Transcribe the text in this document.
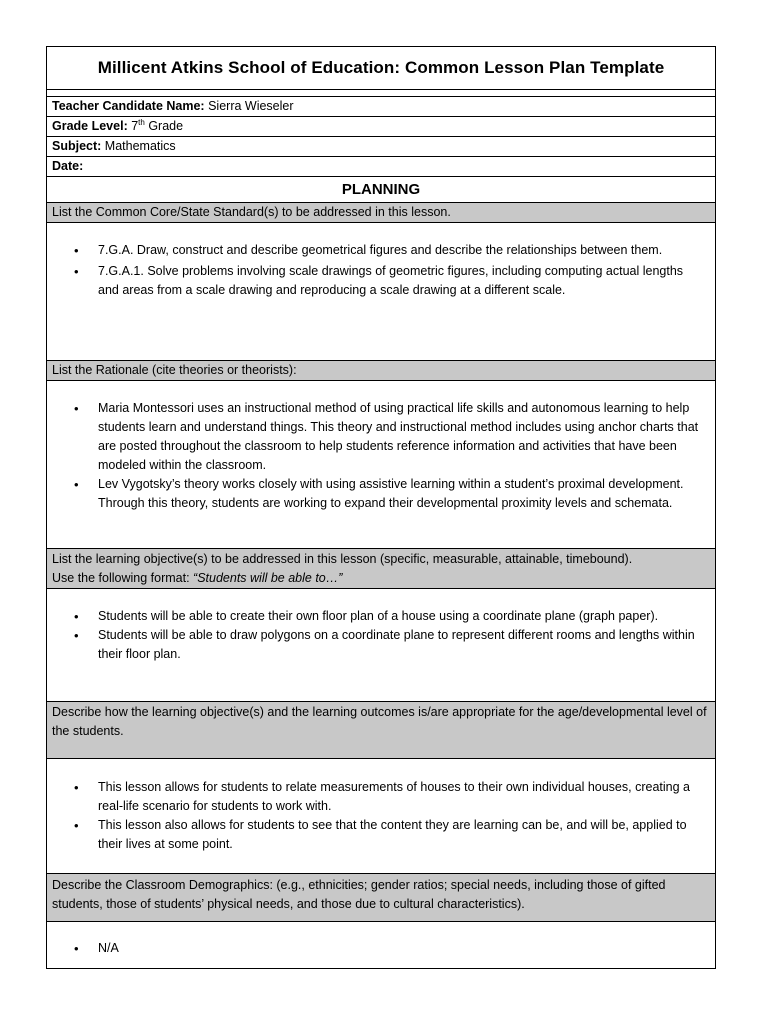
Millicent Atkins School of Education: Common Lesson Plan Template
Teacher Candidate Name: Sierra Wieseler
Grade Level: 7th Grade
Subject: Mathematics
Date:
PLANNING
List the Common Core/State Standard(s) to be addressed in this lesson.
• 7.G.A. Draw, construct and describe geometrical figures and describe the relationships between them.
• 7.G.A.1. Solve problems involving scale drawings of geometric figures, including computing actual lengths and areas from a scale drawing and reproducing a scale drawing at a different scale.
List the Rationale (cite theories or theorists):
• Maria Montessori uses an instructional method of using practical life skills and autonomous learning to help students learn and understand things. This theory and instructional method includes using anchor charts that are posted throughout the classroom to help students reference information and activities that have been modeled within the classroom.
• Lev Vygotsky’s theory works closely with using assistive learning within a student’s proximal development. Through this theory, students are working to expand their developmental proximity levels and schemata.
List the learning objective(s) to be addressed in this lesson (specific, measurable, attainable, timebound).
Use the following format: “Students will be able to…”
• Students will be able to create their own floor plan of a house using a coordinate plane (graph paper).
• Students will be able to draw polygons on a coordinate plane to represent different rooms and lengths within their floor plan.
Describe how the learning objective(s) and the learning outcomes is/are appropriate for the age/developmental level of the students.
• This lesson allows for students to relate measurements of houses to their own individual houses, creating a real-life scenario for students to work with.
• This lesson also allows for students to see that the content they are learning can be, and will be, applied to their lives at some point.
Describe the Classroom Demographics: (e.g., ethnicities; gender ratios; special needs, including those of gifted students, those of students’ physical needs, and those due to cultural characteristics).
• N/A
